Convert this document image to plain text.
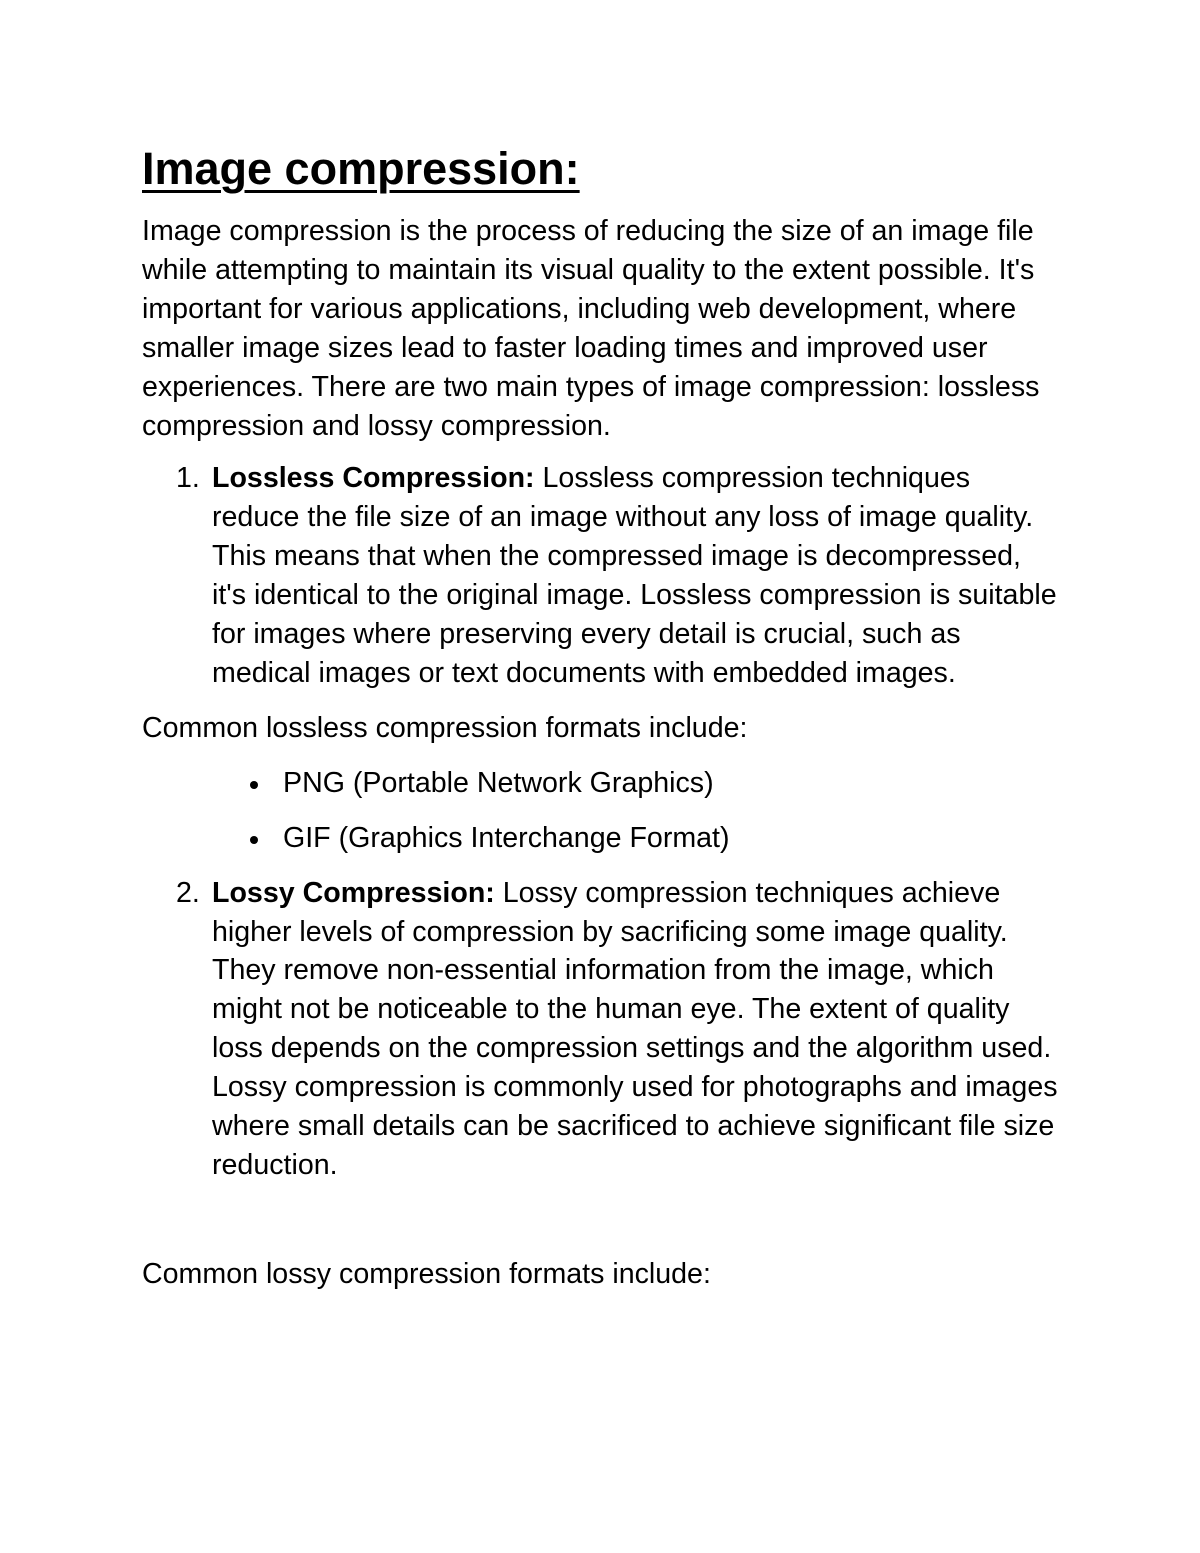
Image compression:

Image compression is the process of reducing the size of an image file while attempting to maintain its visual quality to the extent possible. It's important for various applications, including web development, where smaller image sizes lead to faster loading times and improved user experiences. There are two main types of image compression: lossless compression and lossy compression.

1. Lossless Compression: Lossless compression techniques reduce the file size of an image without any loss of image quality. This means that when the compressed image is decompressed, it's identical to the original image. Lossless compression is suitable for images where preserving every detail is crucial, such as medical images or text documents with embedded images.

Common lossless compression formats include:

PNG (Portable Network Graphics)
GIF (Graphics Interchange Format)
2. Lossy Compression: Lossy compression techniques achieve higher levels of compression by sacrificing some image quality. They remove non-essential information from the image, which might not be noticeable to the human eye. The extent of quality loss depends on the compression settings and the algorithm used. Lossy compression is commonly used for photographs and images where small details can be sacrificed to achieve significant file size reduction.

Common lossy compression formats include:
